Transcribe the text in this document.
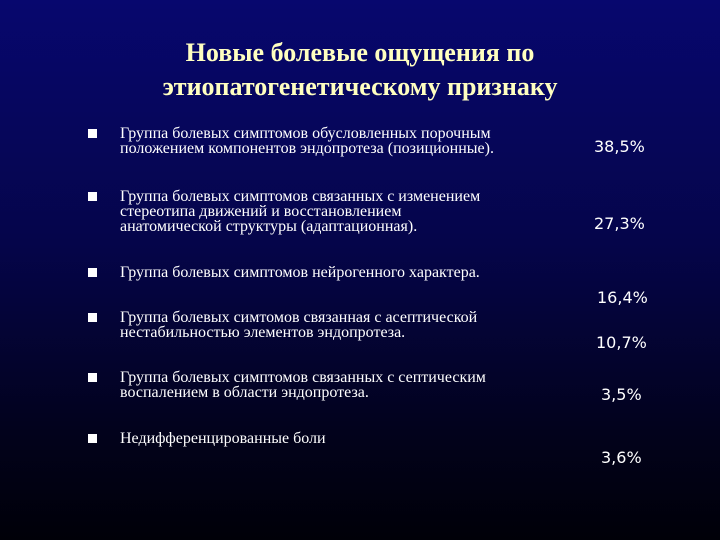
Новые болевые ощущения по
этиопатогенетическому признаку
Группа болевых симптомов обусловленных порочным
положением компонентов эндопротеза (позиционные).
Группа болевых симптомов связанных с изменением
стереотипа движений и восстановлением
анатомической структуры (адаптационная).
Группа болевых симптомов нейрогенного характера.
Группа болевых симтомов связанная с асептической
нестабильностью элементов эндопротеза.
Группа болевых симптомов связанных с септическим
воспалением в области эндопротеза.
Недифференцированные боли
38,5%
27,3%
16,4%
10,7%
3,5%
3,6%
